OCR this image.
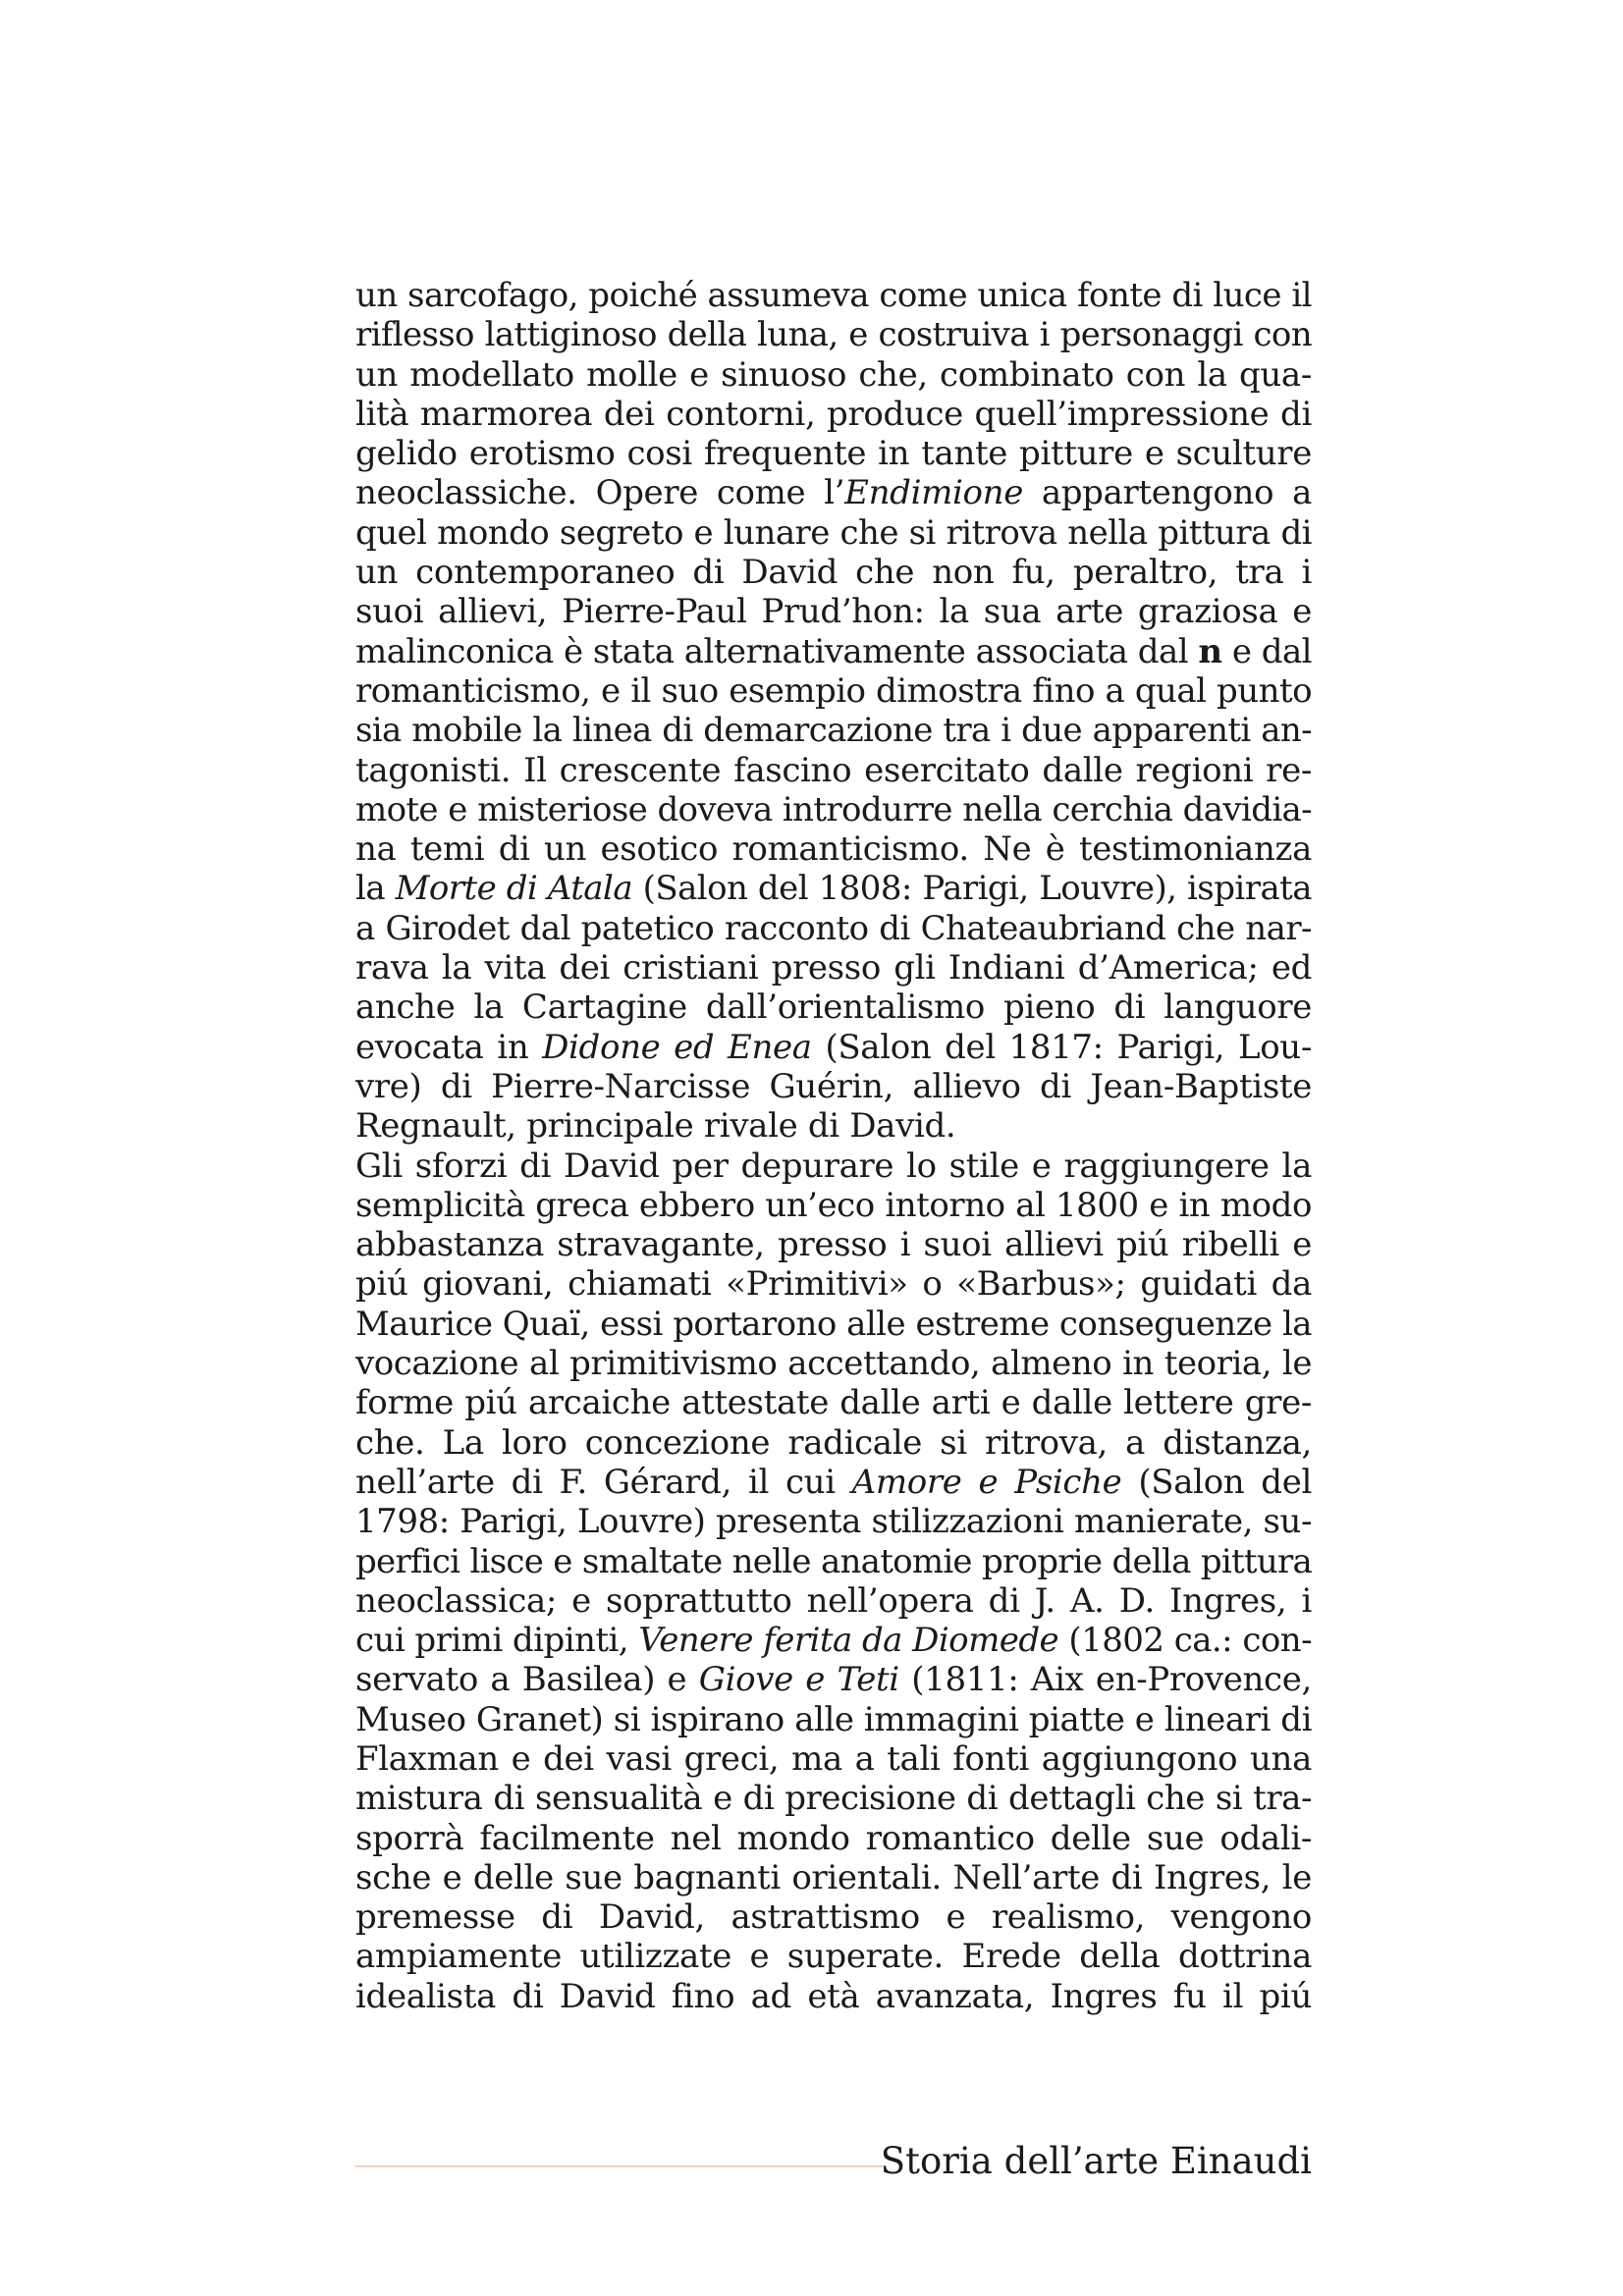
un sarcofago, poiché assumeva come unica fonte di luce il
riflesso lattiginoso della luna, e costruiva i personaggi con
un modellato molle e sinuoso che, combinato con la qua-
lità marmorea dei contorni, produce quell’impressione di
gelido erotismo cosi frequente in tante pitture e sculture
neoclassiche. Opere come l’Endimione appartengono a
quel mondo segreto e lunare che si ritrova nella pittura di
un contemporaneo di David che non fu, peraltro, tra i
suoi allievi, Pierre-Paul Prud’hon: la sua arte graziosa e
malinconica è stata alternativamente associata dal n e dal
romanticismo, e il suo esempio dimostra fino a qual punto
sia mobile la linea di demarcazione tra i due apparenti an-
tagonisti. Il crescente fascino esercitato dalle regioni re-
mote e misteriose doveva introdurre nella cerchia davidia-
na temi di un esotico romanticismo. Ne è testimonianza
la Morte di Atala (Salon del 1808: Parigi, Louvre), ispirata
a Girodet dal patetico racconto di Chateaubriand che nar-
rava la vita dei cristiani presso gli Indiani d’America; ed
anche la Cartagine dall’orientalismo pieno di languore
evocata in Didone ed Enea (Salon del 1817: Parigi, Lou-
vre) di Pierre-Narcisse Guérin, allievo di Jean-Baptiste
Regnault, principale rivale di David.
Gli sforzi di David per depurare lo stile e raggiungere la
semplicità greca ebbero un’eco intorno al 1800 e in modo
abbastanza stravagante, presso i suoi allievi piú ribelli e
piú giovani, chiamati «Primitivi» o «Barbus»; guidati da
Maurice Quaï, essi portarono alle estreme conseguenze la
vocazione al primitivismo accettando, almeno in teoria, le
forme piú arcaiche attestate dalle arti e dalle lettere gre-
che. La loro concezione radicale si ritrova, a distanza,
nell’arte di F. Gérard, il cui Amore e Psiche (Salon del
1798: Parigi, Louvre) presenta stilizzazioni manierate, su-
perfici lisce e smaltate nelle anatomie proprie della pittura
neoclassica; e soprattutto nell’opera di J. A. D. Ingres, i
cui primi dipinti, Venere ferita da Diomede (1802 ca.: con-
servato a Basilea) e Giove e Teti (1811: Aix en-Provence,
Museo Granet) si ispirano alle immagini piatte e lineari di
Flaxman e dei vasi greci, ma a tali fonti aggiungono una
mistura di sensualità e di precisione di dettagli che si tra-
sporrà facilmente nel mondo romantico delle sue odali-
sche e delle sue bagnanti orientali. Nell’arte di Ingres, le
premesse di David, astrattismo e realismo, vengono
ampiamente utilizzate e superate. Erede della dottrina
idealista di David fino ad età avanzata, Ingres fu il piú
Storia dell’arte Einaudi
